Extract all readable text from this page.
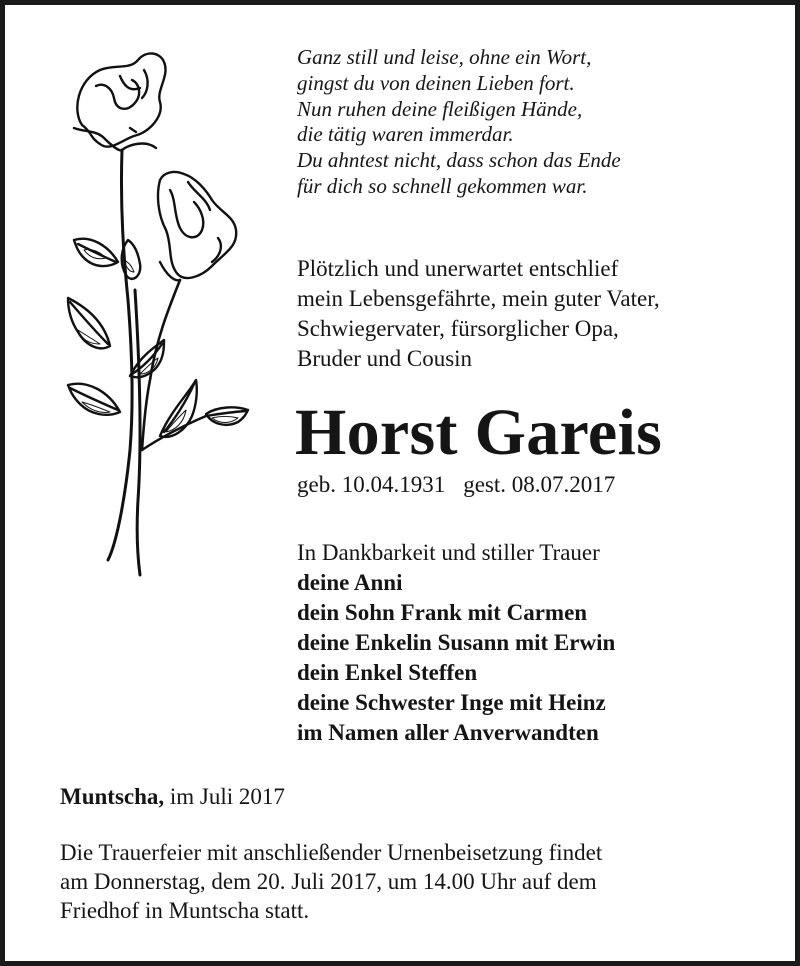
Ganz still und leise, ohne ein Wort,
gingst du von deinen Lieben fort.
Nun ruhen deine fleißigen Hände,
die tätig waren immerdar.
Du ahntest nicht, dass schon das Ende
für dich so schnell gekommen war.
Plötzlich und unerwartet entschlief
mein Lebensgefährte, mein guter Vater,
Schwiegervater, fürsorglicher Opa,
Bruder und Cousin
Horst Gareis
geb. 10.04.1931 gest. 08.07.2017
In Dankbarkeit und stiller Trauer
deine Anni
dein Sohn Frank mit Carmen
deine Enkelin Susann mit Erwin
dein Enkel Steffen
deine Schwester Inge mit Heinz
im Namen aller Anverwandten
Muntscha, im Juli 2017
Die Trauerfeier mit anschließender Urnenbeisetzung findet
am Donnerstag, dem 20. Juli 2017, um 14.00 Uhr auf dem
Friedhof in Muntscha statt.
